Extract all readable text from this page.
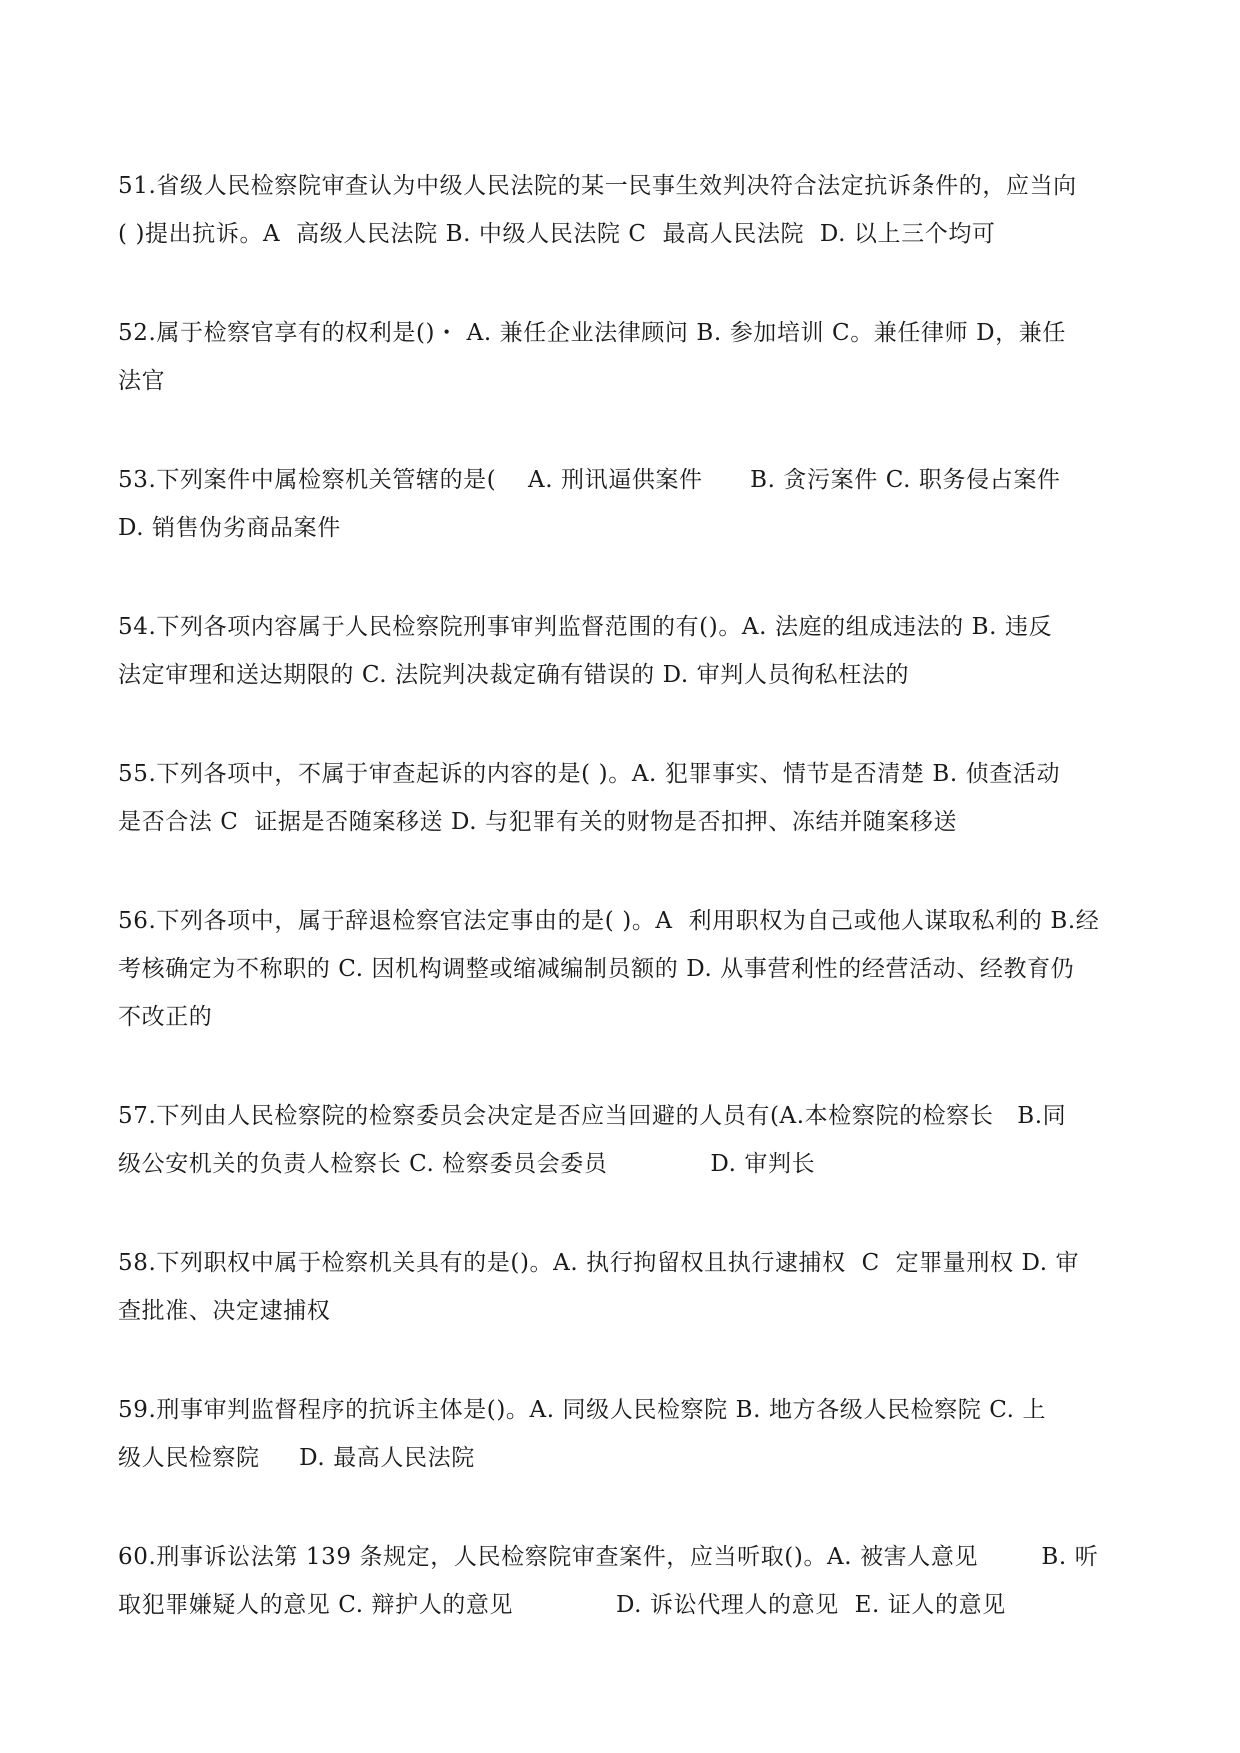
51.省级人民检察院审查认为中级人民法院的某一民事生效判决符合法定抗诉条件的，应当向
( )提出抗诉。A  高级人民法院 B. 中级人民法院 C  最高人民法院  D. 以上三个均可
52.属于检察官享有的权利是()・ A. 兼任企业法律顾问 B. 参加培训 C。兼任律师 D，兼任
法官
53.下列案件中属检察机关管辖的是(    A. 刑讯逼供案件      B. 贪污案件 C. 职务侵占案件
D. 销售伪劣商品案件
54.下列各项内容属于人民检察院刑事审判监督范围的有()。A. 法庭的组成违法的 B. 违反
法定审理和送达期限的 C. 法院判决裁定确有错误的 D. 审判人员徇私枉法的
55.下列各项中，不属于审查起诉的内容的是( )。A. 犯罪事实、情节是否清楚 B. 侦查活动
是否合法 C  证据是否随案移送 D. 与犯罪有关的财物是否扣押、冻结并随案移送
56.下列各项中，属于辞退检察官法定事由的是( )。A  利用职权为自己或他人谋取私利的 B.经
考核确定为不称职的 C. 因机构调整或缩减编制员额的 D. 从事营利性的经营活动、经教育仍
不改正的
57.下列由人民检察院的检察委员会决定是否应当回避的人员有(A.本检察院的检察长   B.同
级公安机关的负责人检察长 C. 检察委员会委员             D. 审判长
58.下列职权中属于检察机关具有的是()。A. 执行拘留权且执行逮捕权  C  定罪量刑权 D. 审
查批准、决定逮捕权
59.刑事审判监督程序的抗诉主体是()。A. 同级人民检察院 B. 地方各级人民检察院 C. 上
级人民检察院     D. 最高人民法院
60.刑事诉讼法第 139 条规定，人民检察院审查案件，应当听取()。A. 被害人意见        B. 听
取犯罪嫌疑人的意见 C. 辩护人的意见             D. 诉讼代理人的意见  E. 证人的意见
